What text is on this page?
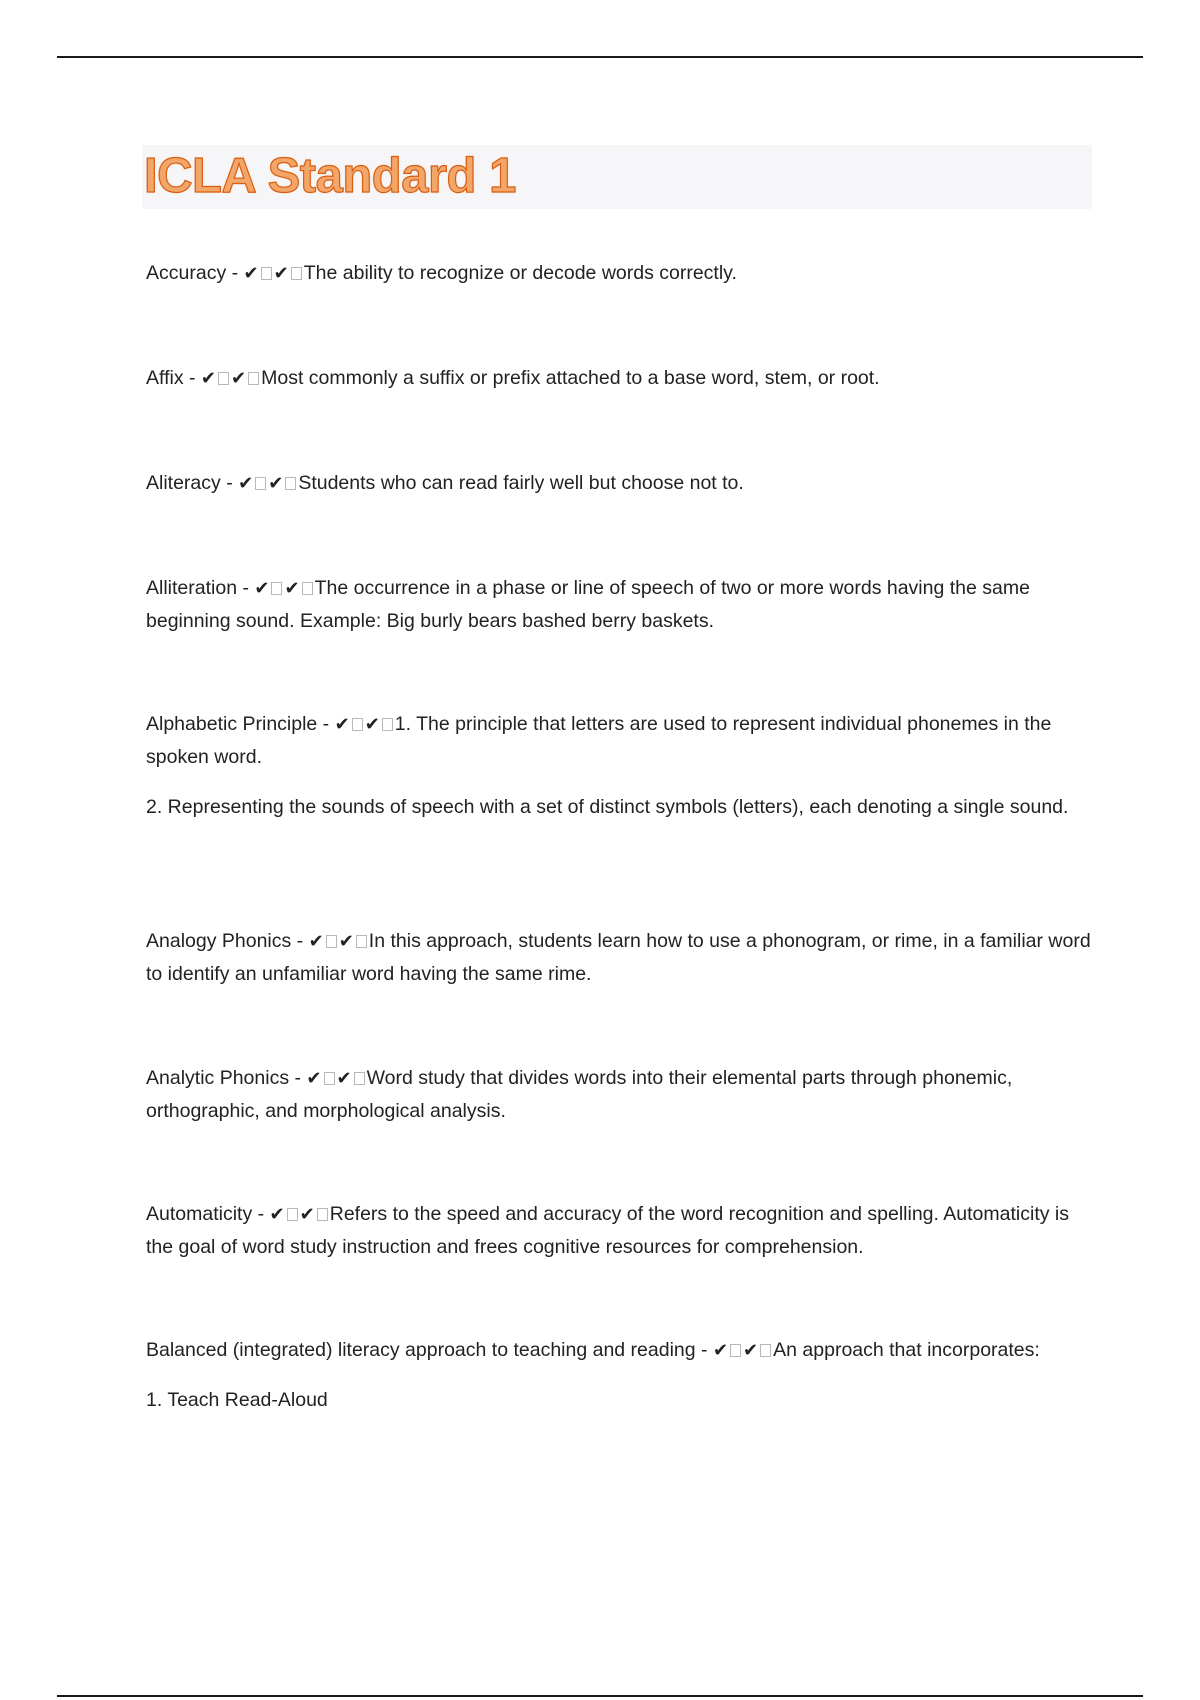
ICLA Standard 1

Accuracy - ✔ ✔ The ability to recognize or decode words correctly.

Affix - ✔ ✔ Most commonly a suffix or prefix attached to a base word, stem, or root.

Aliteracy - ✔ ✔ Students who can read fairly well but choose not to.

Alliteration - ✔ ✔ The occurrence in a phase or line of speech of two or more words having the same beginning sound. Example: Big burly bears bashed berry baskets.

Alphabetic Principle - ✔ ✔ 1. The principle that letters are used to represent individual phonemes in the spoken word.

2. Representing the sounds of speech with a set of distinct symbols (letters), each denoting a single sound.

Analogy Phonics - ✔ ✔ In this approach, students learn how to use a phonogram, or rime, in a familiar word to identify an unfamiliar word having the same rime.

Analytic Phonics - ✔ ✔ Word study that divides words into their elemental parts through phonemic, orthographic, and morphological analysis.

Automaticity - ✔ ✔ Refers to the speed and accuracy of the word recognition and spelling. Automaticity is the goal of word study instruction and frees cognitive resources for comprehension.

Balanced (integrated) literacy approach to teaching and reading - ✔ ✔ An approach that incorporates:

1. Teach Read-Aloud
